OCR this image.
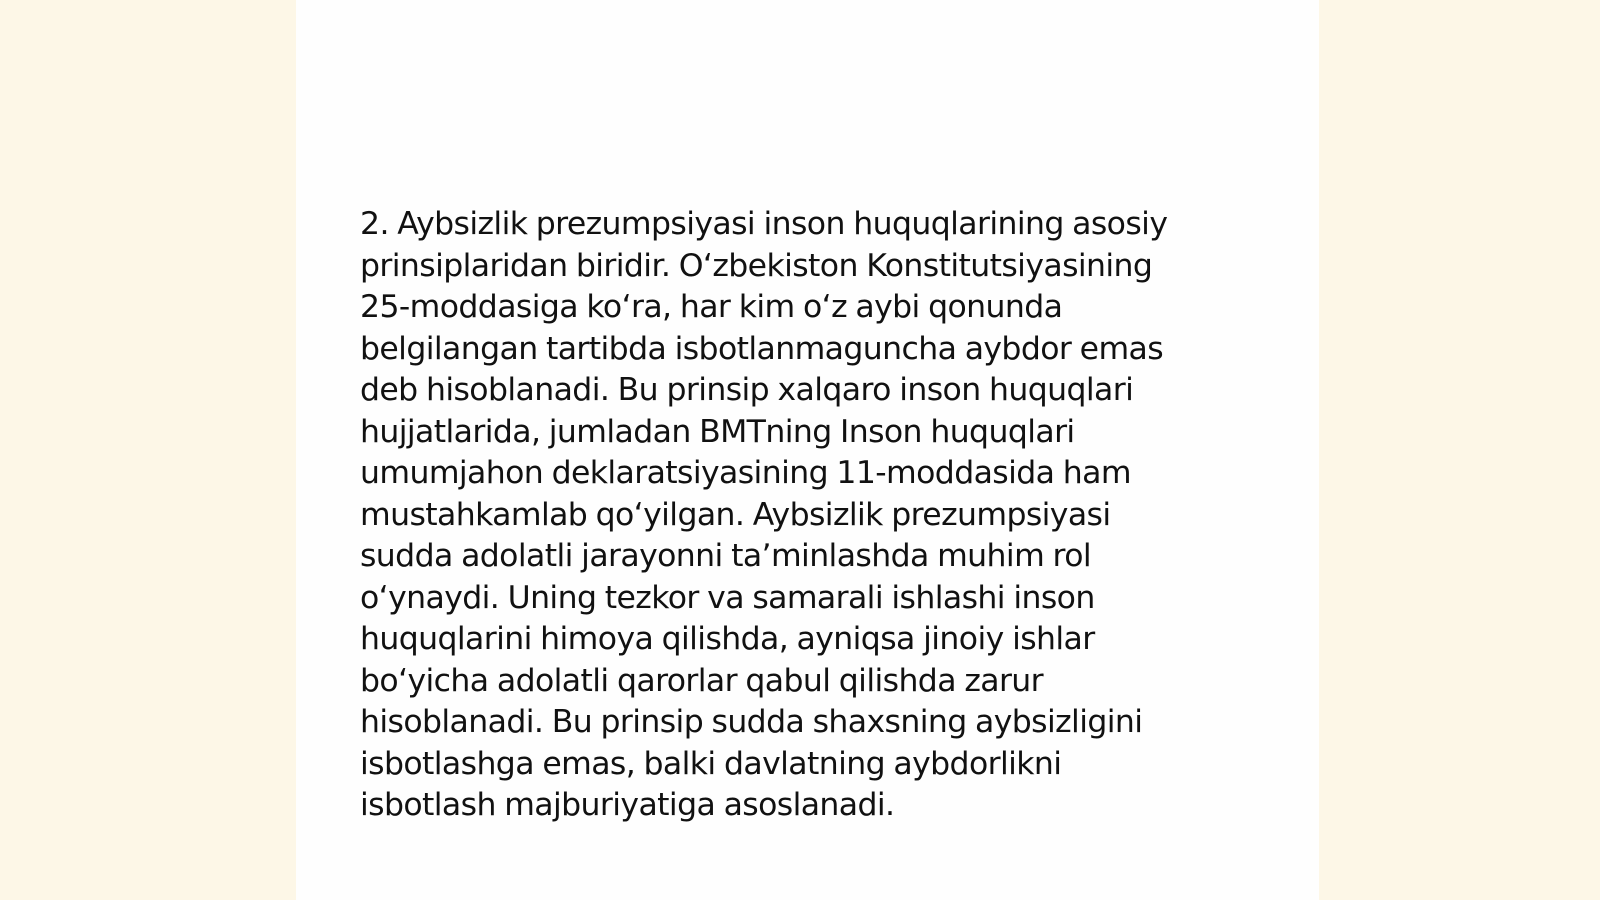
2. Aybsizlik prezumpsiyasi inson huquqlarining asosiy
prinsiplaridan biridir. Oʻzbekiston Konstitutsiyasining
25-moddasiga koʻra, har kim oʻz aybi qonunda
belgilangan tartibda isbotlanmaguncha aybdor emas
deb hisoblanadi. Bu prinsip xalqaro inson huquqlari
hujjatlarida, jumladan BMTning Inson huquqlari
umumjahon deklaratsiyasining 11-moddasida ham
mustahkamlab qoʻyilgan. Aybsizlik prezumpsiyasi
sudda adolatli jarayonni taʼminlashda muhim rol
oʻynaydi. Uning tezkor va samarali ishlashi inson
huquqlarini himoya qilishda, ayniqsa jinoiy ishlar
boʻyicha adolatli qarorlar qabul qilishda zarur
hisoblanadi. Bu prinsip sudda shaxsning aybsizligini
isbotlashga emas, balki davlatning aybdorlikni
isbotlash majburiyatiga asoslanadi.
